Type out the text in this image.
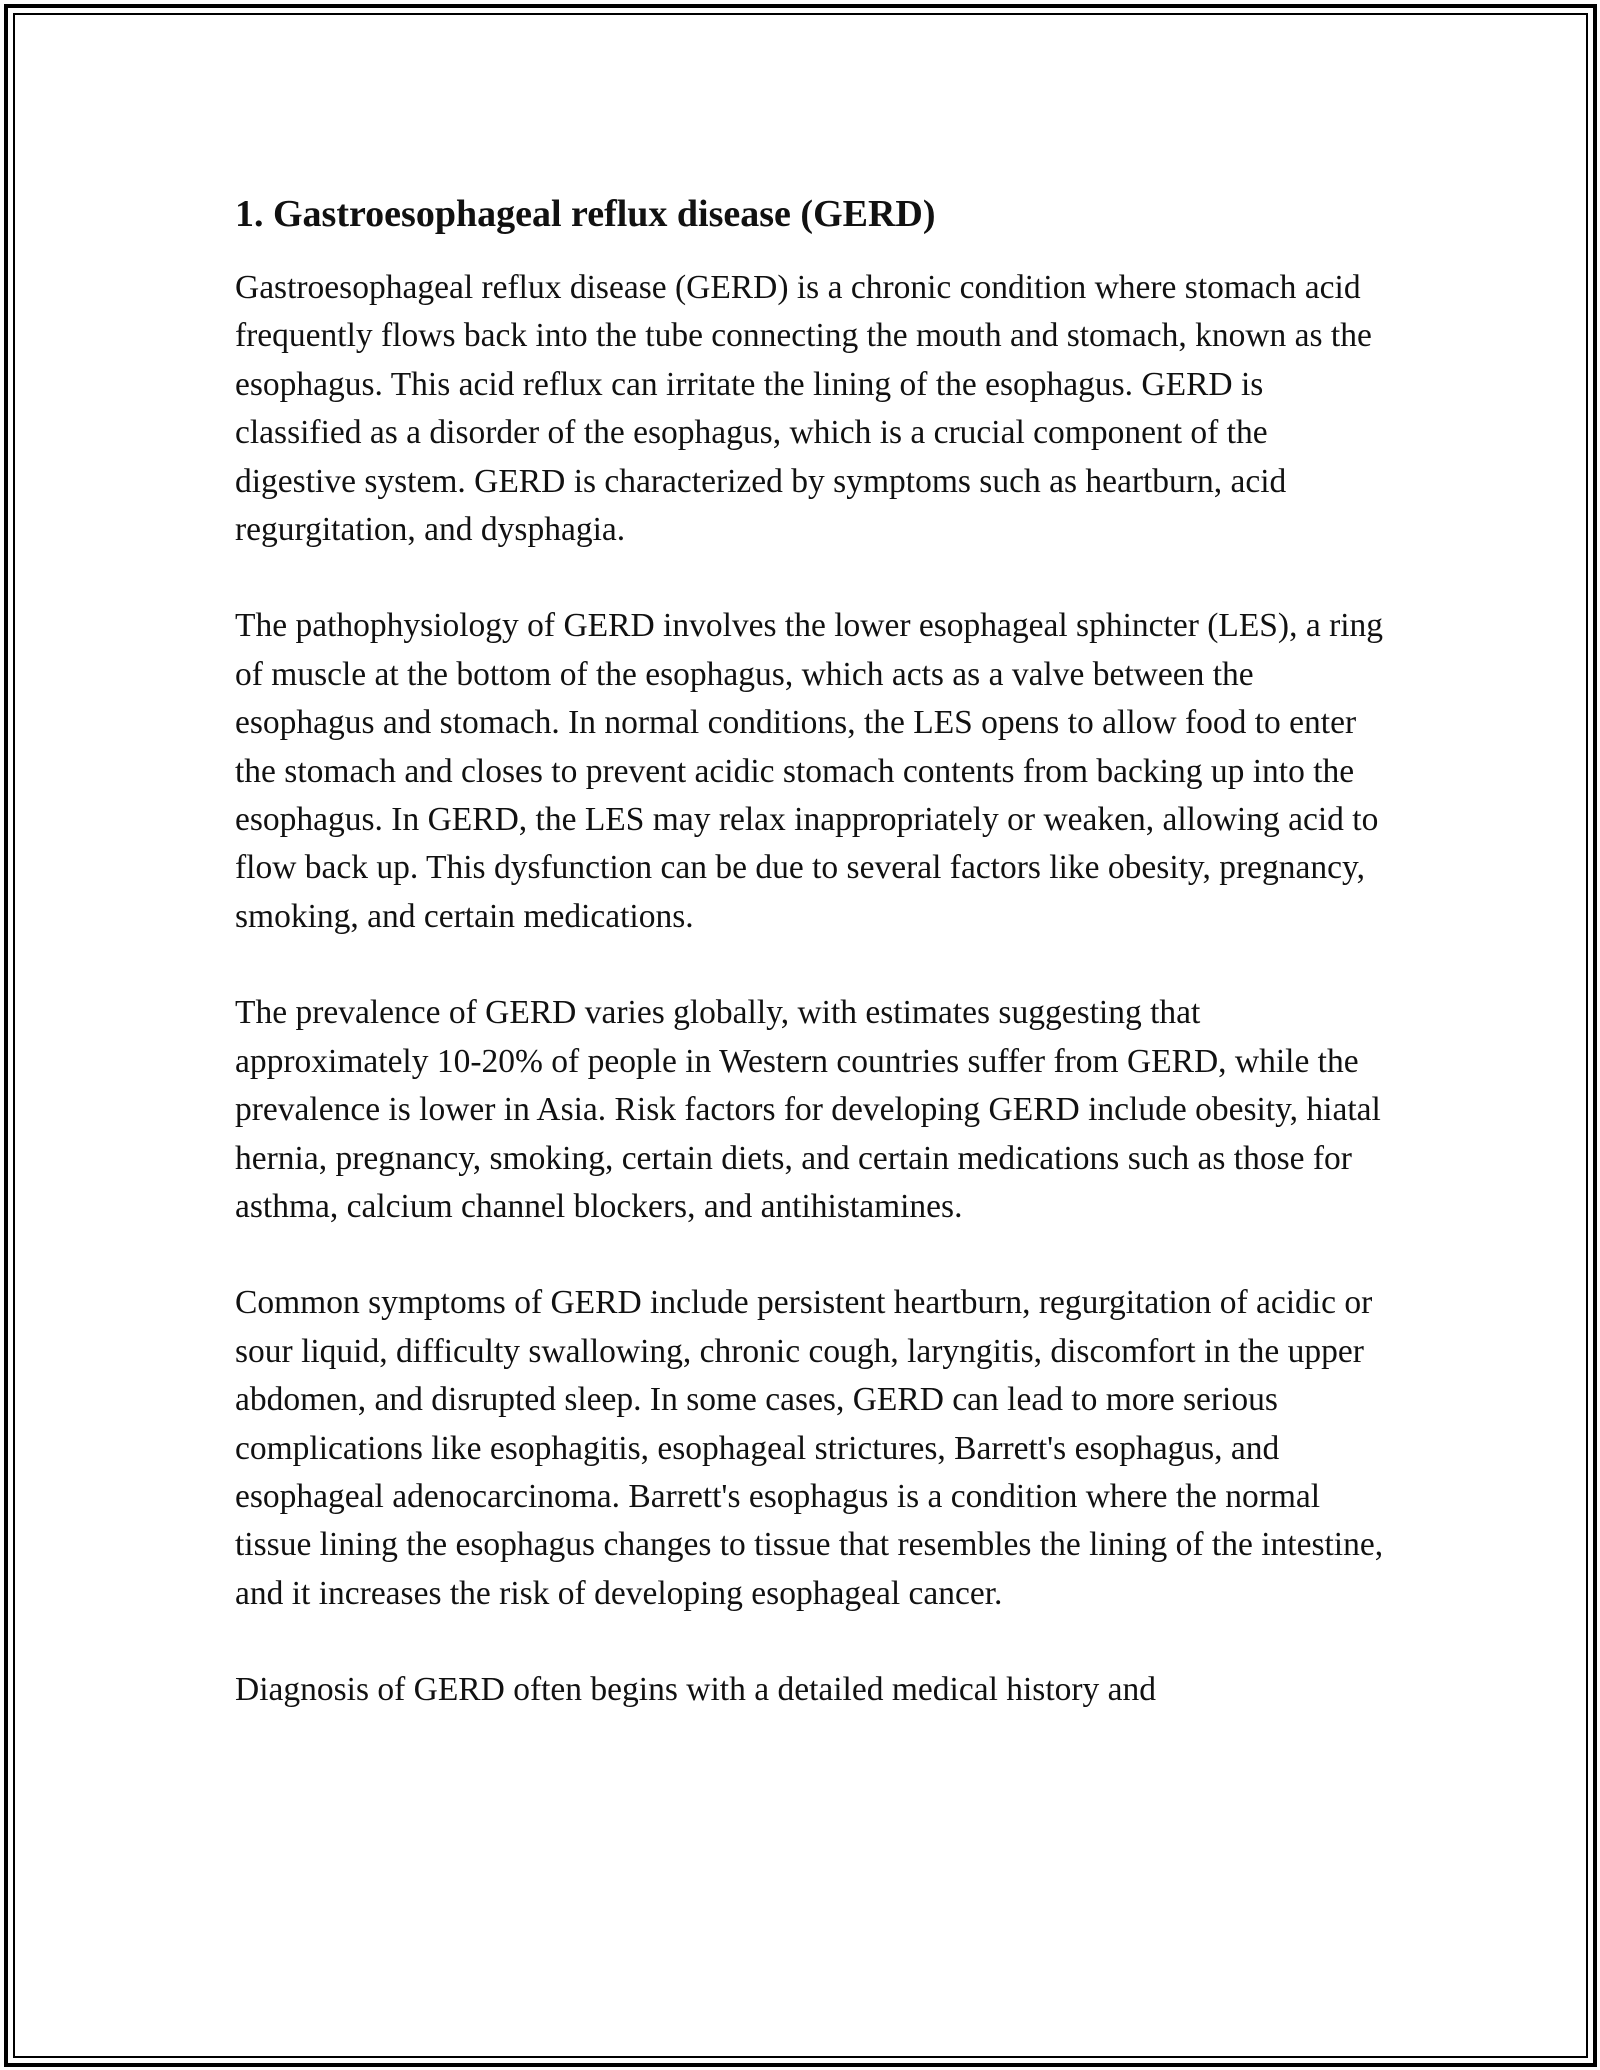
1. Gastroesophageal reflux disease (GERD)

Gastroesophageal reflux disease (GERD) is a chronic condition where stomach acid frequently flows back into the tube connecting the mouth and stomach, known as the esophagus. This acid reflux can irritate the lining of the esophagus. GERD is classified as a disorder of the esophagus, which is a crucial component of the digestive system. GERD is characterized by symptoms such as heartburn, acid regurgitation, and dysphagia.

The pathophysiology of GERD involves the lower esophageal sphincter (LES), a ring of muscle at the bottom of the esophagus, which acts as a valve between the esophagus and stomach. In normal conditions, the LES opens to allow food to enter the stomach and closes to prevent acidic stomach contents from backing up into the esophagus. In GERD, the LES may relax inappropriately or weaken, allowing acid to flow back up. This dysfunction can be due to several factors like obesity, pregnancy, smoking, and certain medications.

The prevalence of GERD varies globally, with estimates suggesting that approximately 10-20% of people in Western countries suffer from GERD, while the prevalence is lower in Asia. Risk factors for developing GERD include obesity, hiatal hernia, pregnancy, smoking, certain diets, and certain medications such as those for asthma, calcium channel blockers, and antihistamines.

Common symptoms of GERD include persistent heartburn, regurgitation of acidic or sour liquid, difficulty swallowing, chronic cough, laryngitis, discomfort in the upper abdomen, and disrupted sleep. In some cases, GERD can lead to more serious complications like esophagitis, esophageal strictures, Barrett's esophagus, and esophageal adenocarcinoma. Barrett's esophagus is a condition where the normal tissue lining the esophagus changes to tissue that resembles the lining of the intestine, and it increases the risk of developing esophageal cancer.

Diagnosis of GERD often begins with a detailed medical history and
